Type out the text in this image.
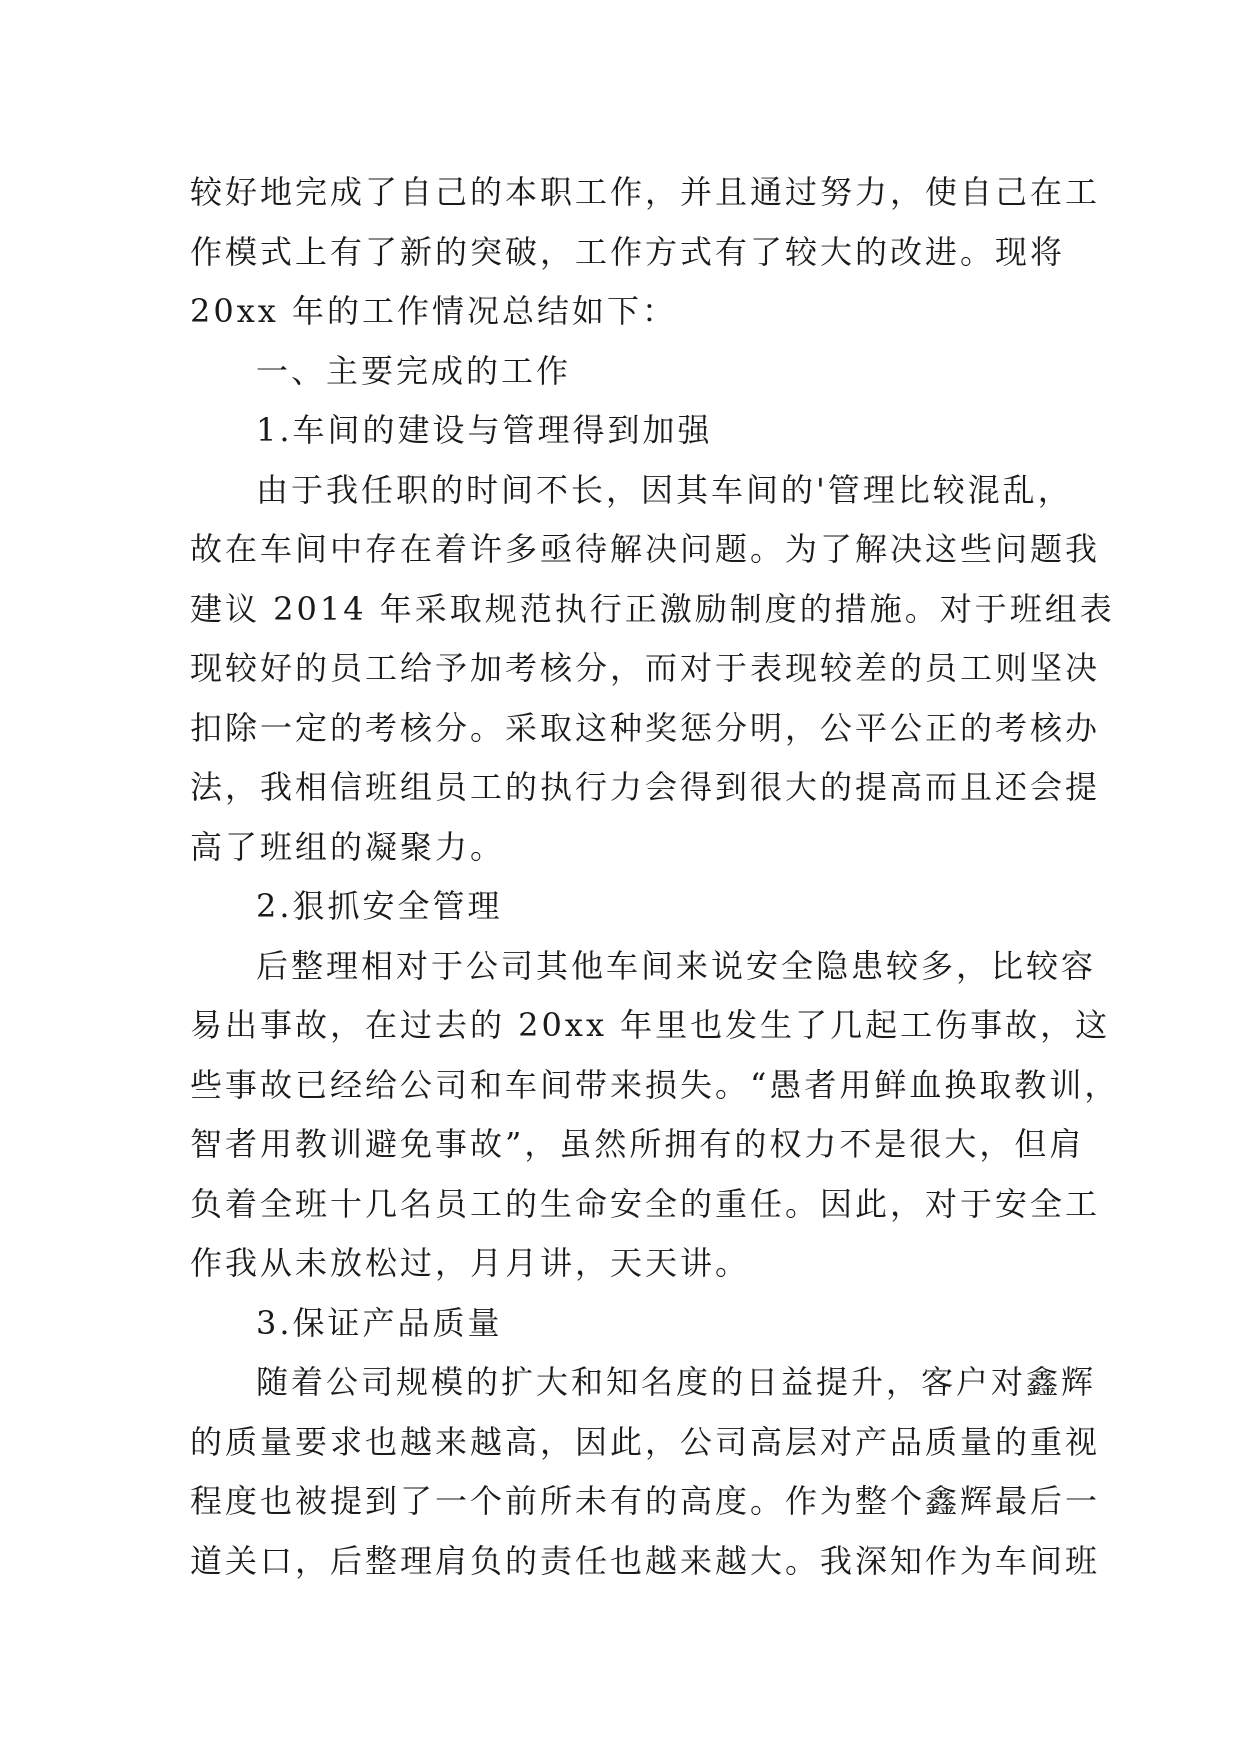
较好地完成了自己的本职工作，并且通过努力，使自己在工
作模式上有了新的突破，工作方式有了较大的改进。现将
20xx 年的工作情况总结如下：
一、主要完成的工作
1.车间的建设与管理得到加强
由于我任职的时间不长，因其车间的'管理比较混乱，
故在车间中存在着许多亟待解决问题。为了解决这些问题我
建议 2014 年采取规范执行正激励制度的措施。对于班组表
现较好的员工给予加考核分，而对于表现较差的员工则坚决
扣除一定的考核分。采取这种奖惩分明，公平公正的考核办
法，我相信班组员工的执行力会得到很大的提高而且还会提
高了班组的凝聚力。
2.狠抓安全管理
后整理相对于公司其他车间来说安全隐患较多，比较容
易出事故，在过去的 20xx 年里也发生了几起工伤事故，这
些事故已经给公司和车间带来损失。“愚者用鲜血换取教训，
智者用教训避免事故”，虽然所拥有的权力不是很大，但肩
负着全班十几名员工的生命安全的重任。因此，对于安全工
作我从未放松过，月月讲，天天讲。
3.保证产品质量
随着公司规模的扩大和知名度的日益提升，客户对鑫辉
的质量要求也越来越高，因此，公司高层对产品质量的重视
程度也被提到了一个前所未有的高度。作为整个鑫辉最后一
道关口，后整理肩负的责任也越来越大。我深知作为车间班
